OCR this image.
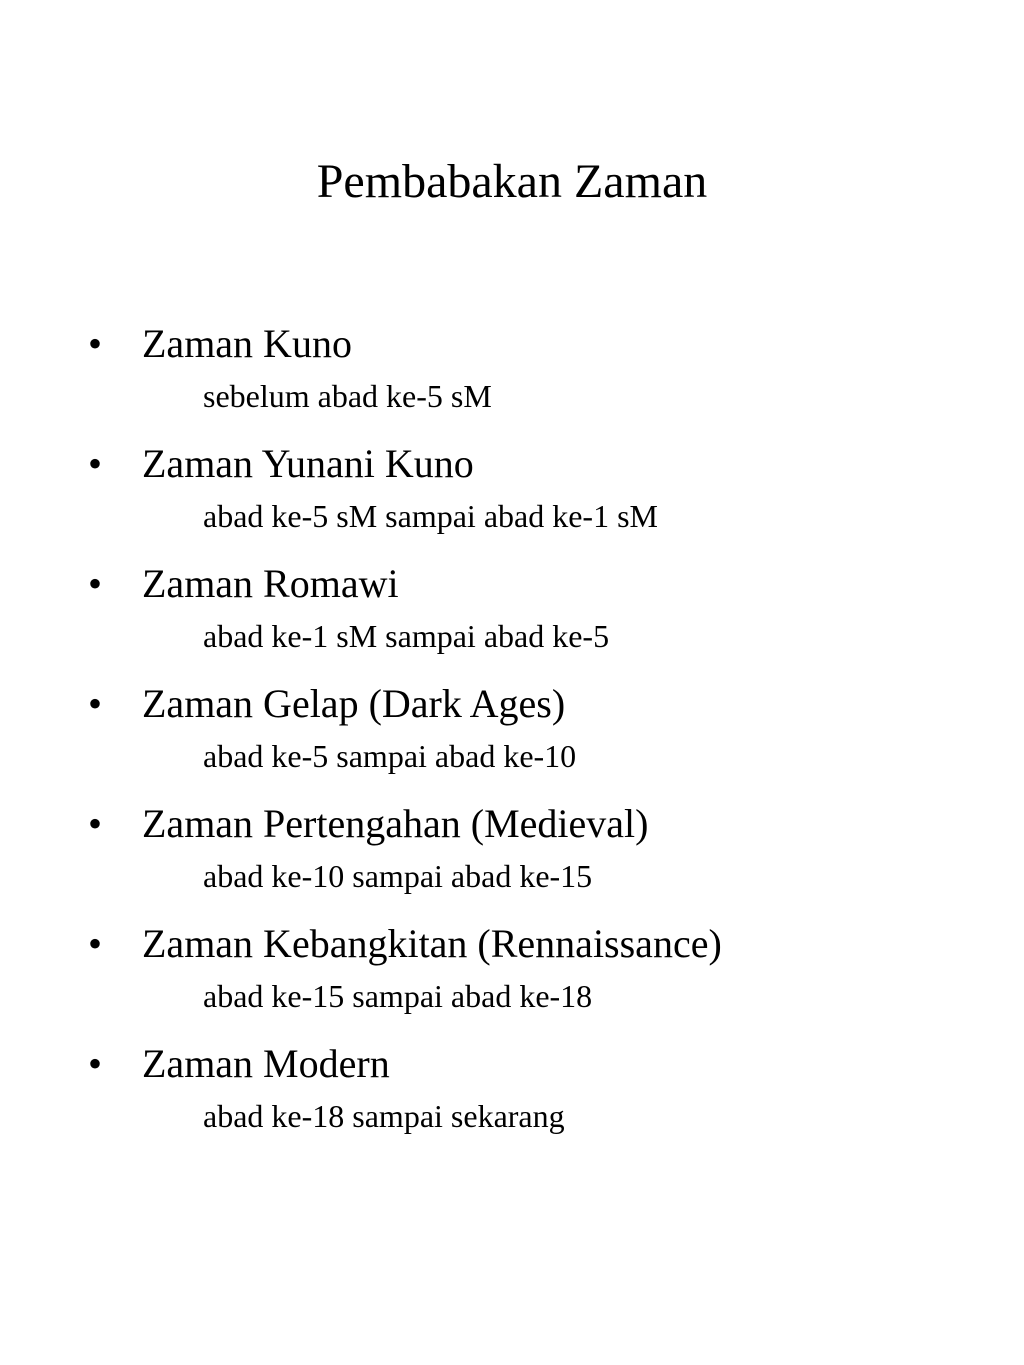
Pembabakan Zaman
• Zaman Kuno
sebelum abad ke-5 sM
• Zaman Yunani Kuno
abad ke-5 sM sampai abad ke-1 sM
• Zaman Romawi
abad ke-1 sM sampai abad ke-5
• Zaman Gelap (Dark Ages)
abad ke-5 sampai abad ke-10
• Zaman Pertengahan (Medieval)
abad ke-10 sampai abad ke-15
• Zaman Kebangkitan (Rennaissance)
abad ke-15 sampai abad ke-18
• Zaman Modern
abad ke-18 sampai sekarang
